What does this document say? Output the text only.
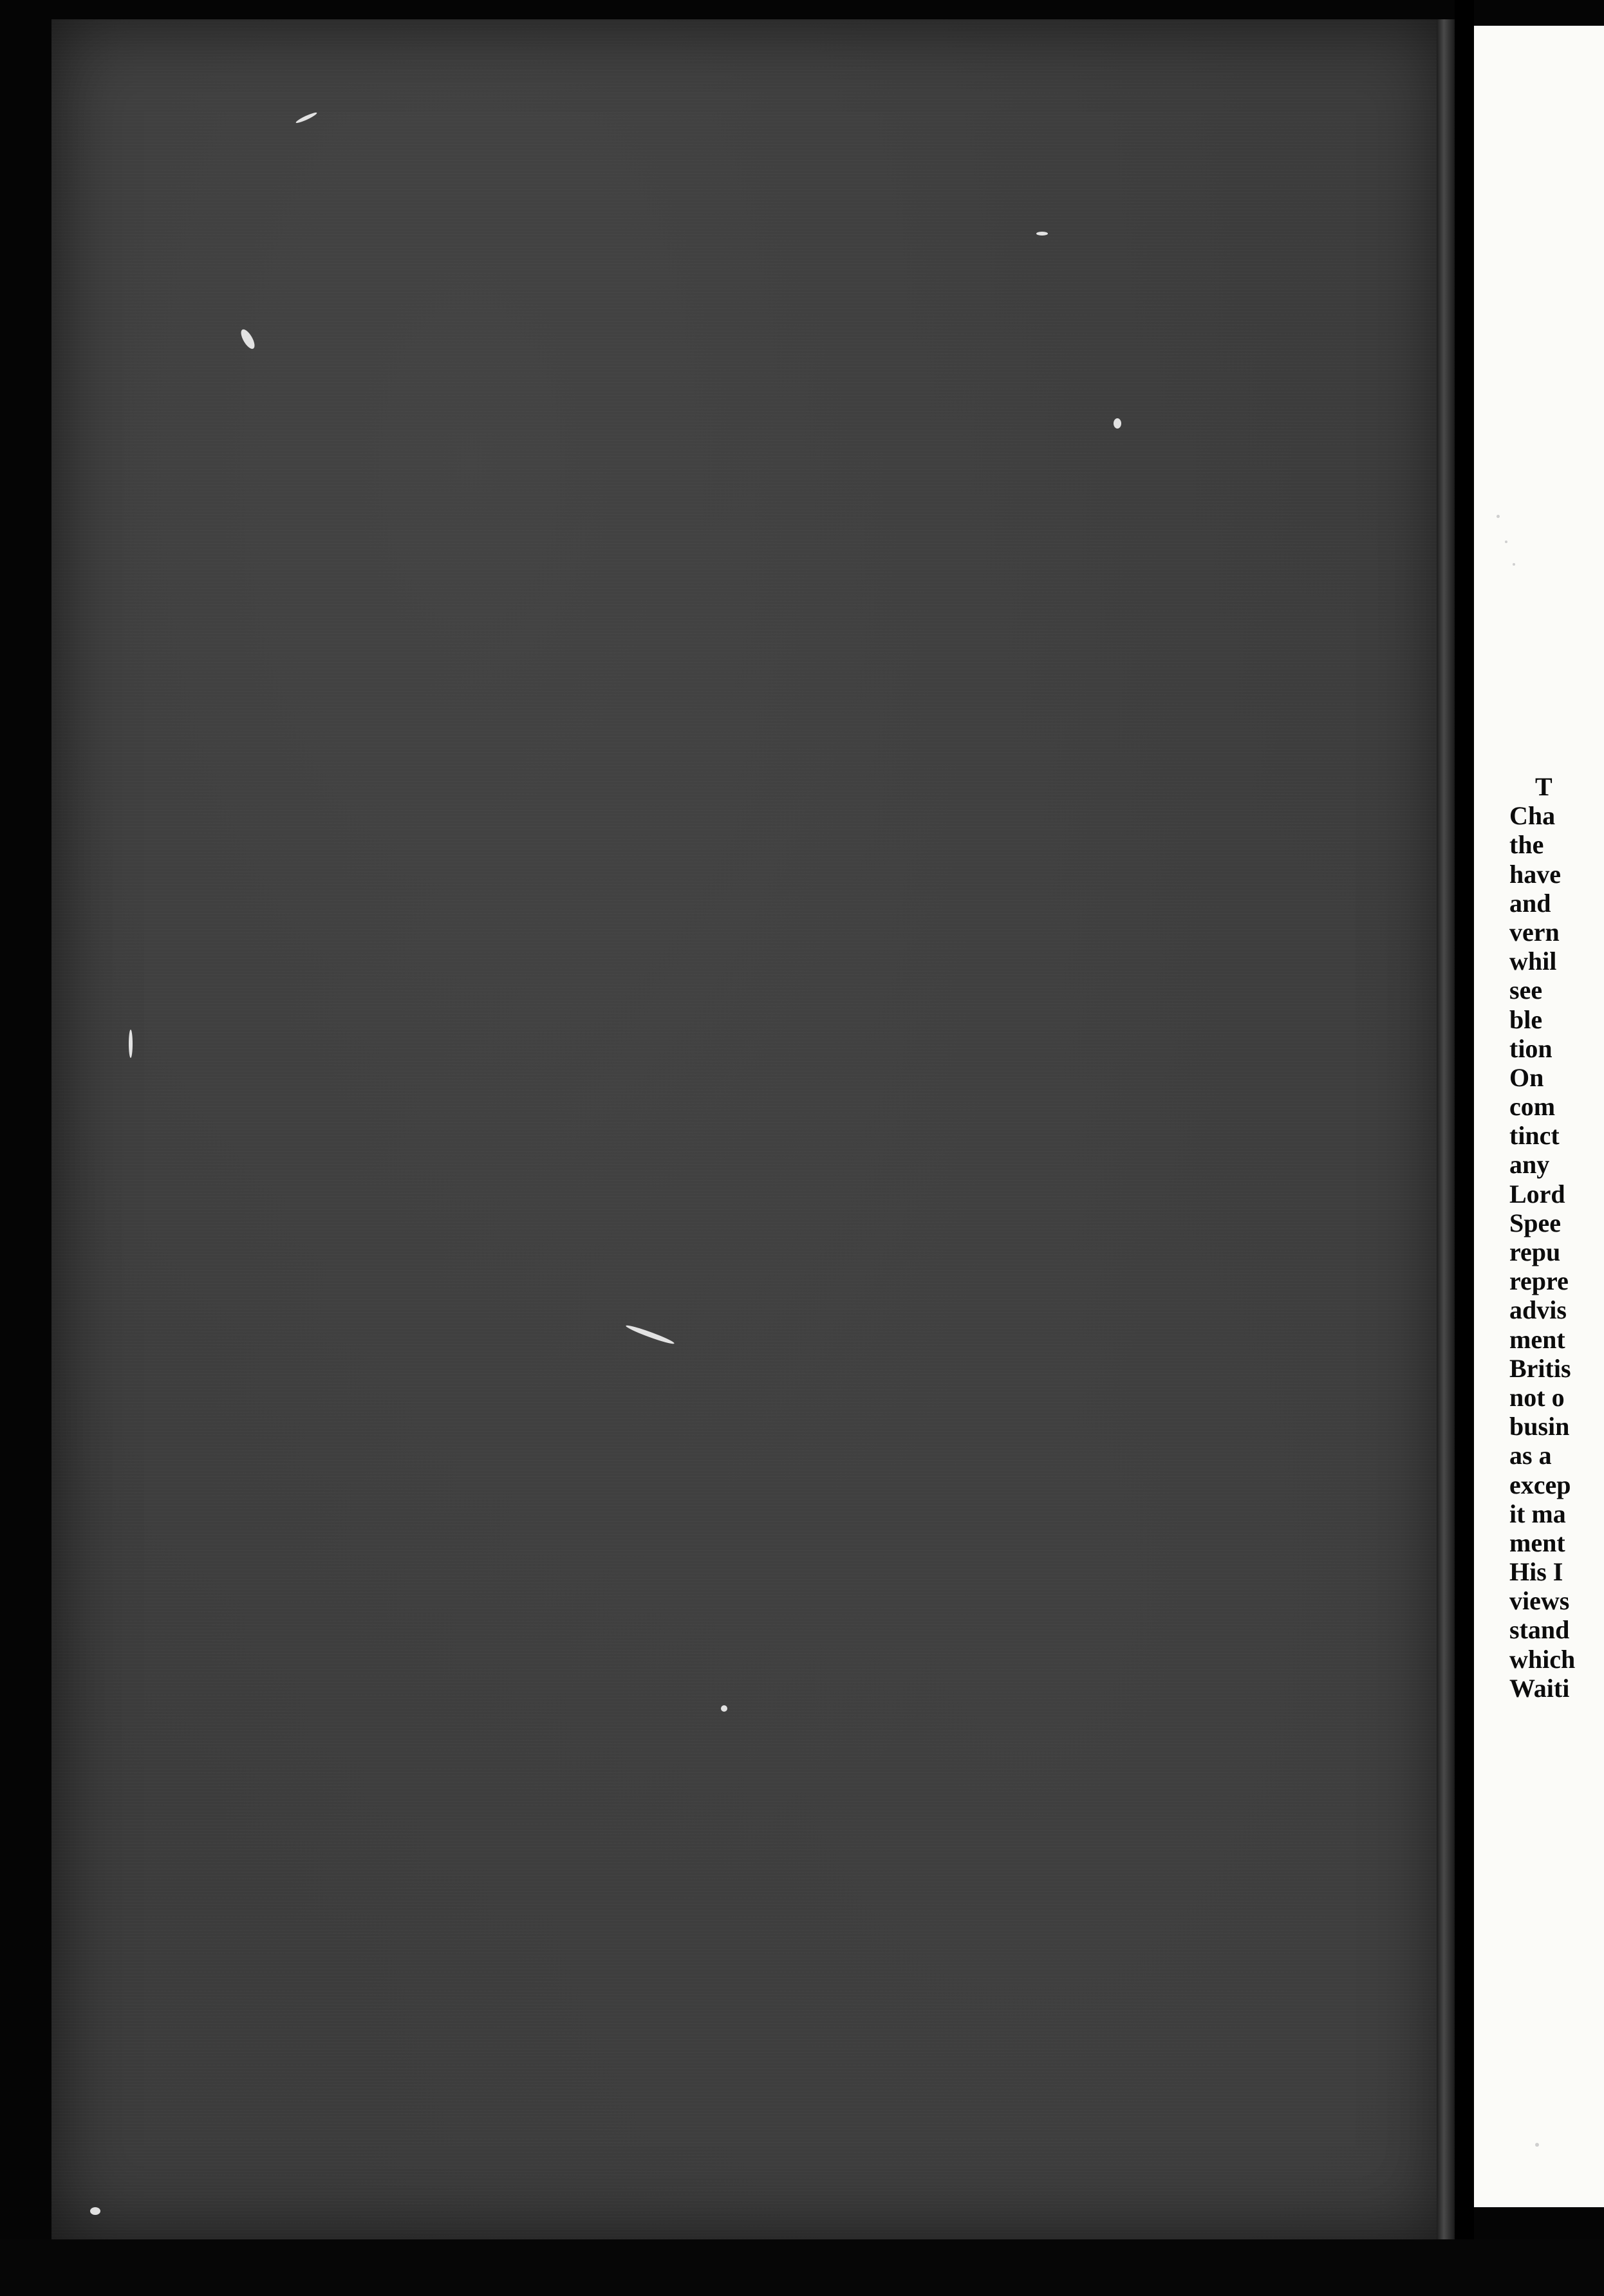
T
Cha
the
have
and
vern
whil
see
ble
tion
On
com
tinct
any
Lord
Spee
repu
repre
advis
ment
Britis
not o
busin
as a
excep
it ma
ment
His I
views
stand
which
Waiti
